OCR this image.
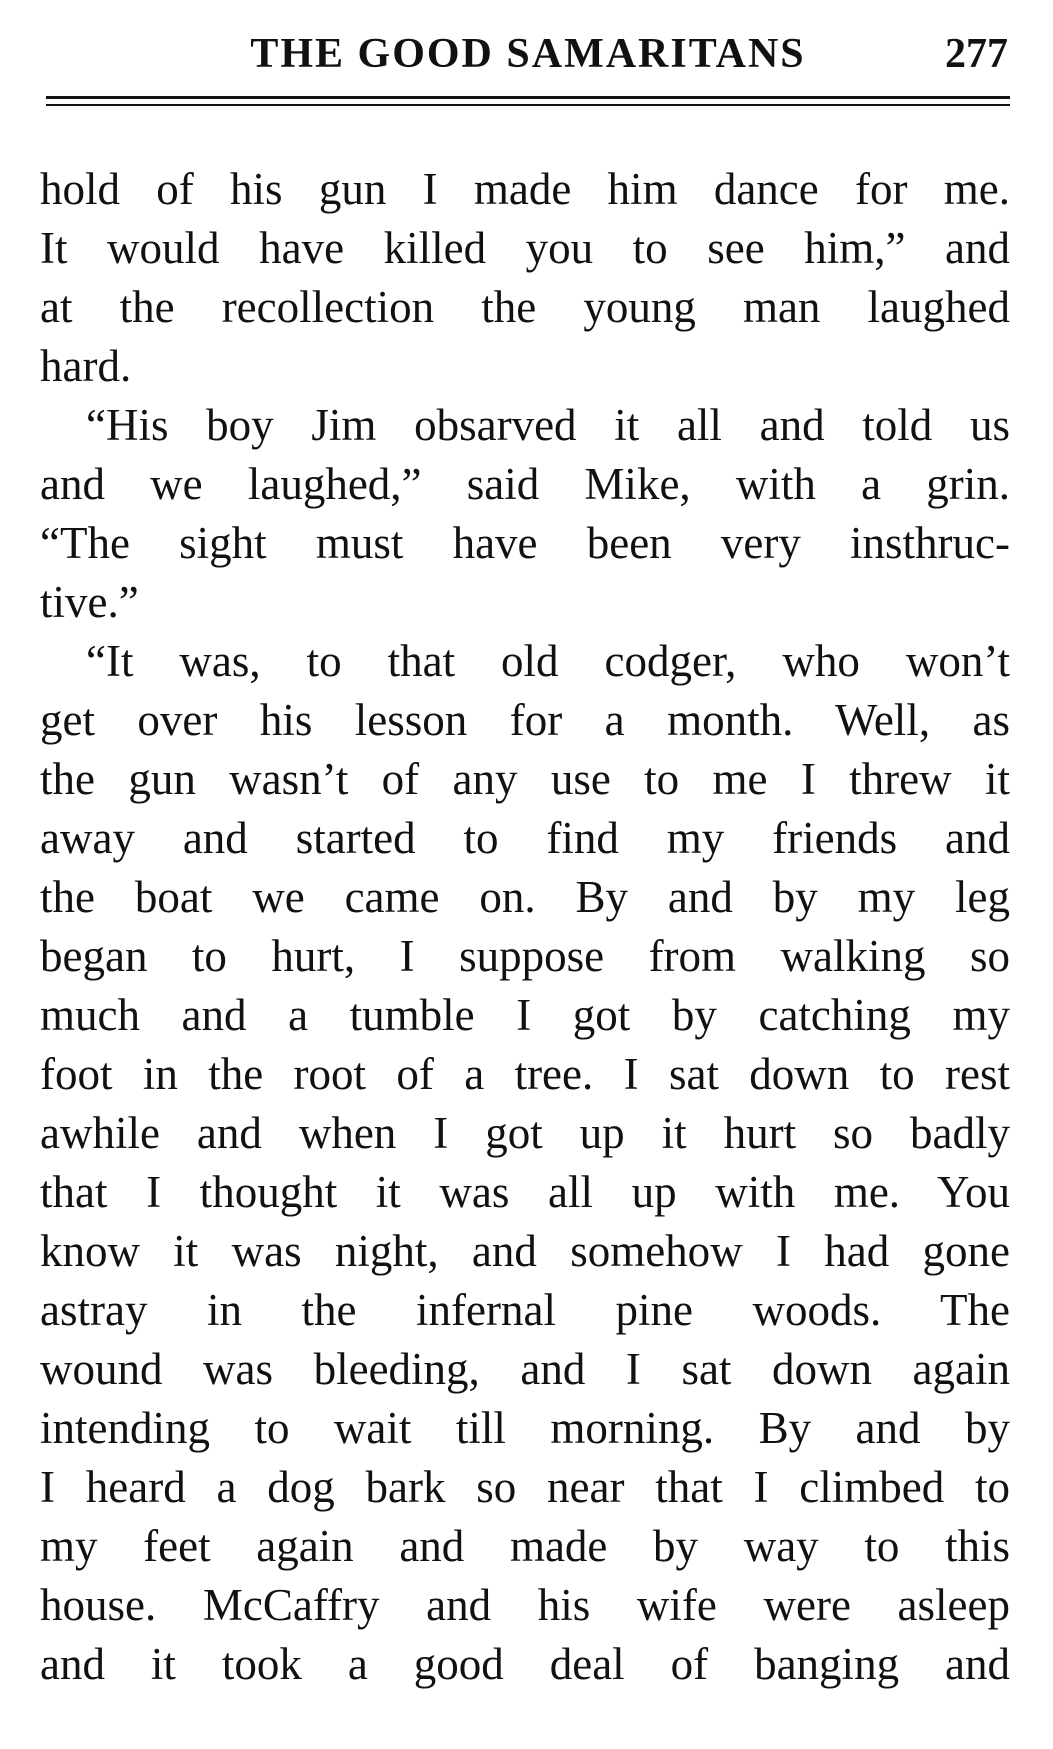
THE GOOD SAMARITANS	277
hold of his gun I made him dance for me.
It would have killed you to see him,” and
at the recollection the young man laughed
hard.
“His boy Jim obsarved it all and told us
and we laughed,” said Mike, with a grin.
“The sight must have been very insthruc-
tive.”
“It was, to that old codger, who won’t
get over his lesson for a month. Well, as
the gun wasn’t of any use to me I threw it
away and started to find my friends and
the boat we came on. By and by my leg
began to hurt, I suppose from walking so
much and a tumble I got by catching my
foot in the root of a tree. I sat down to rest
awhile and when I got up it hurt so badly
that I thought it was all up with me. You
know it was night, and somehow I had gone
astray in the infernal pine woods. The
wound was bleeding, and I sat down again
intending to wait till morning. By and by
I heard a dog bark so near that I climbed to
my feet again and made by way to this
house. McCaffry and his wife were asleep
and it took a good deal of banging and
